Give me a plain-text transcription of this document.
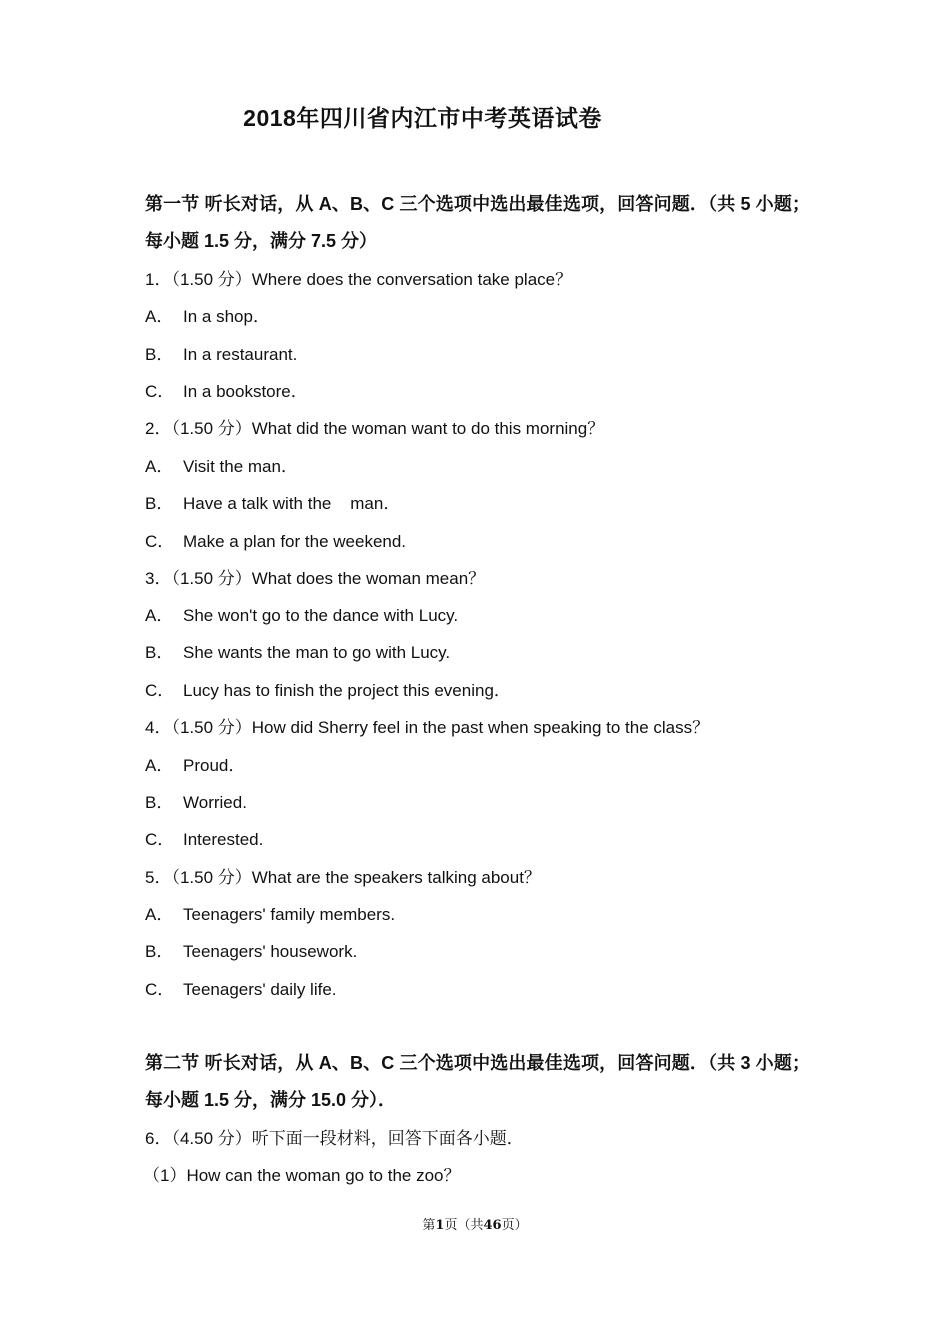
2018年四川省内江市中考英语试卷
第一节 听长对话，从 A、B、C 三个选项中选出最佳选项，回答问题．（共 5 小题；每小题 1.5 分，满分 7.5 分）
1．（1.50 分）Where does the conversation take place？
A． In a shop．
B． In a restaurant.
C． In a bookstore．
2．（1.50 分）What did the woman want to do this morning？
A． Visit the man．
B． Have a talk with the    man．
C． Make a plan for the weekend.
3．（1.50 分）What does the woman mean？
A． She won't go to the dance with Lucy.
B． She wants the man to go with Lucy.
C． Lucy has to finish the project this evening．
4．（1.50 分）How did Sherry feel in the past when speaking to the class？
A． Proud．
B． Worried.
C． Interested.
5．（1.50 分）What are the speakers talking about？
A． Teenagers' family members.
B． Teenagers' housework.
C． Teenagers' daily life.
第二节 听长对话，从 A、B、C 三个选项中选出最佳选项，回答问题．（共 3 小题；每小题 1.5 分，满分 15.0 分）．
6．（4.50 分）听下面一段材料，回答下面各小题．
（1）How can the woman go to the zoo？
第1页（共46页）
